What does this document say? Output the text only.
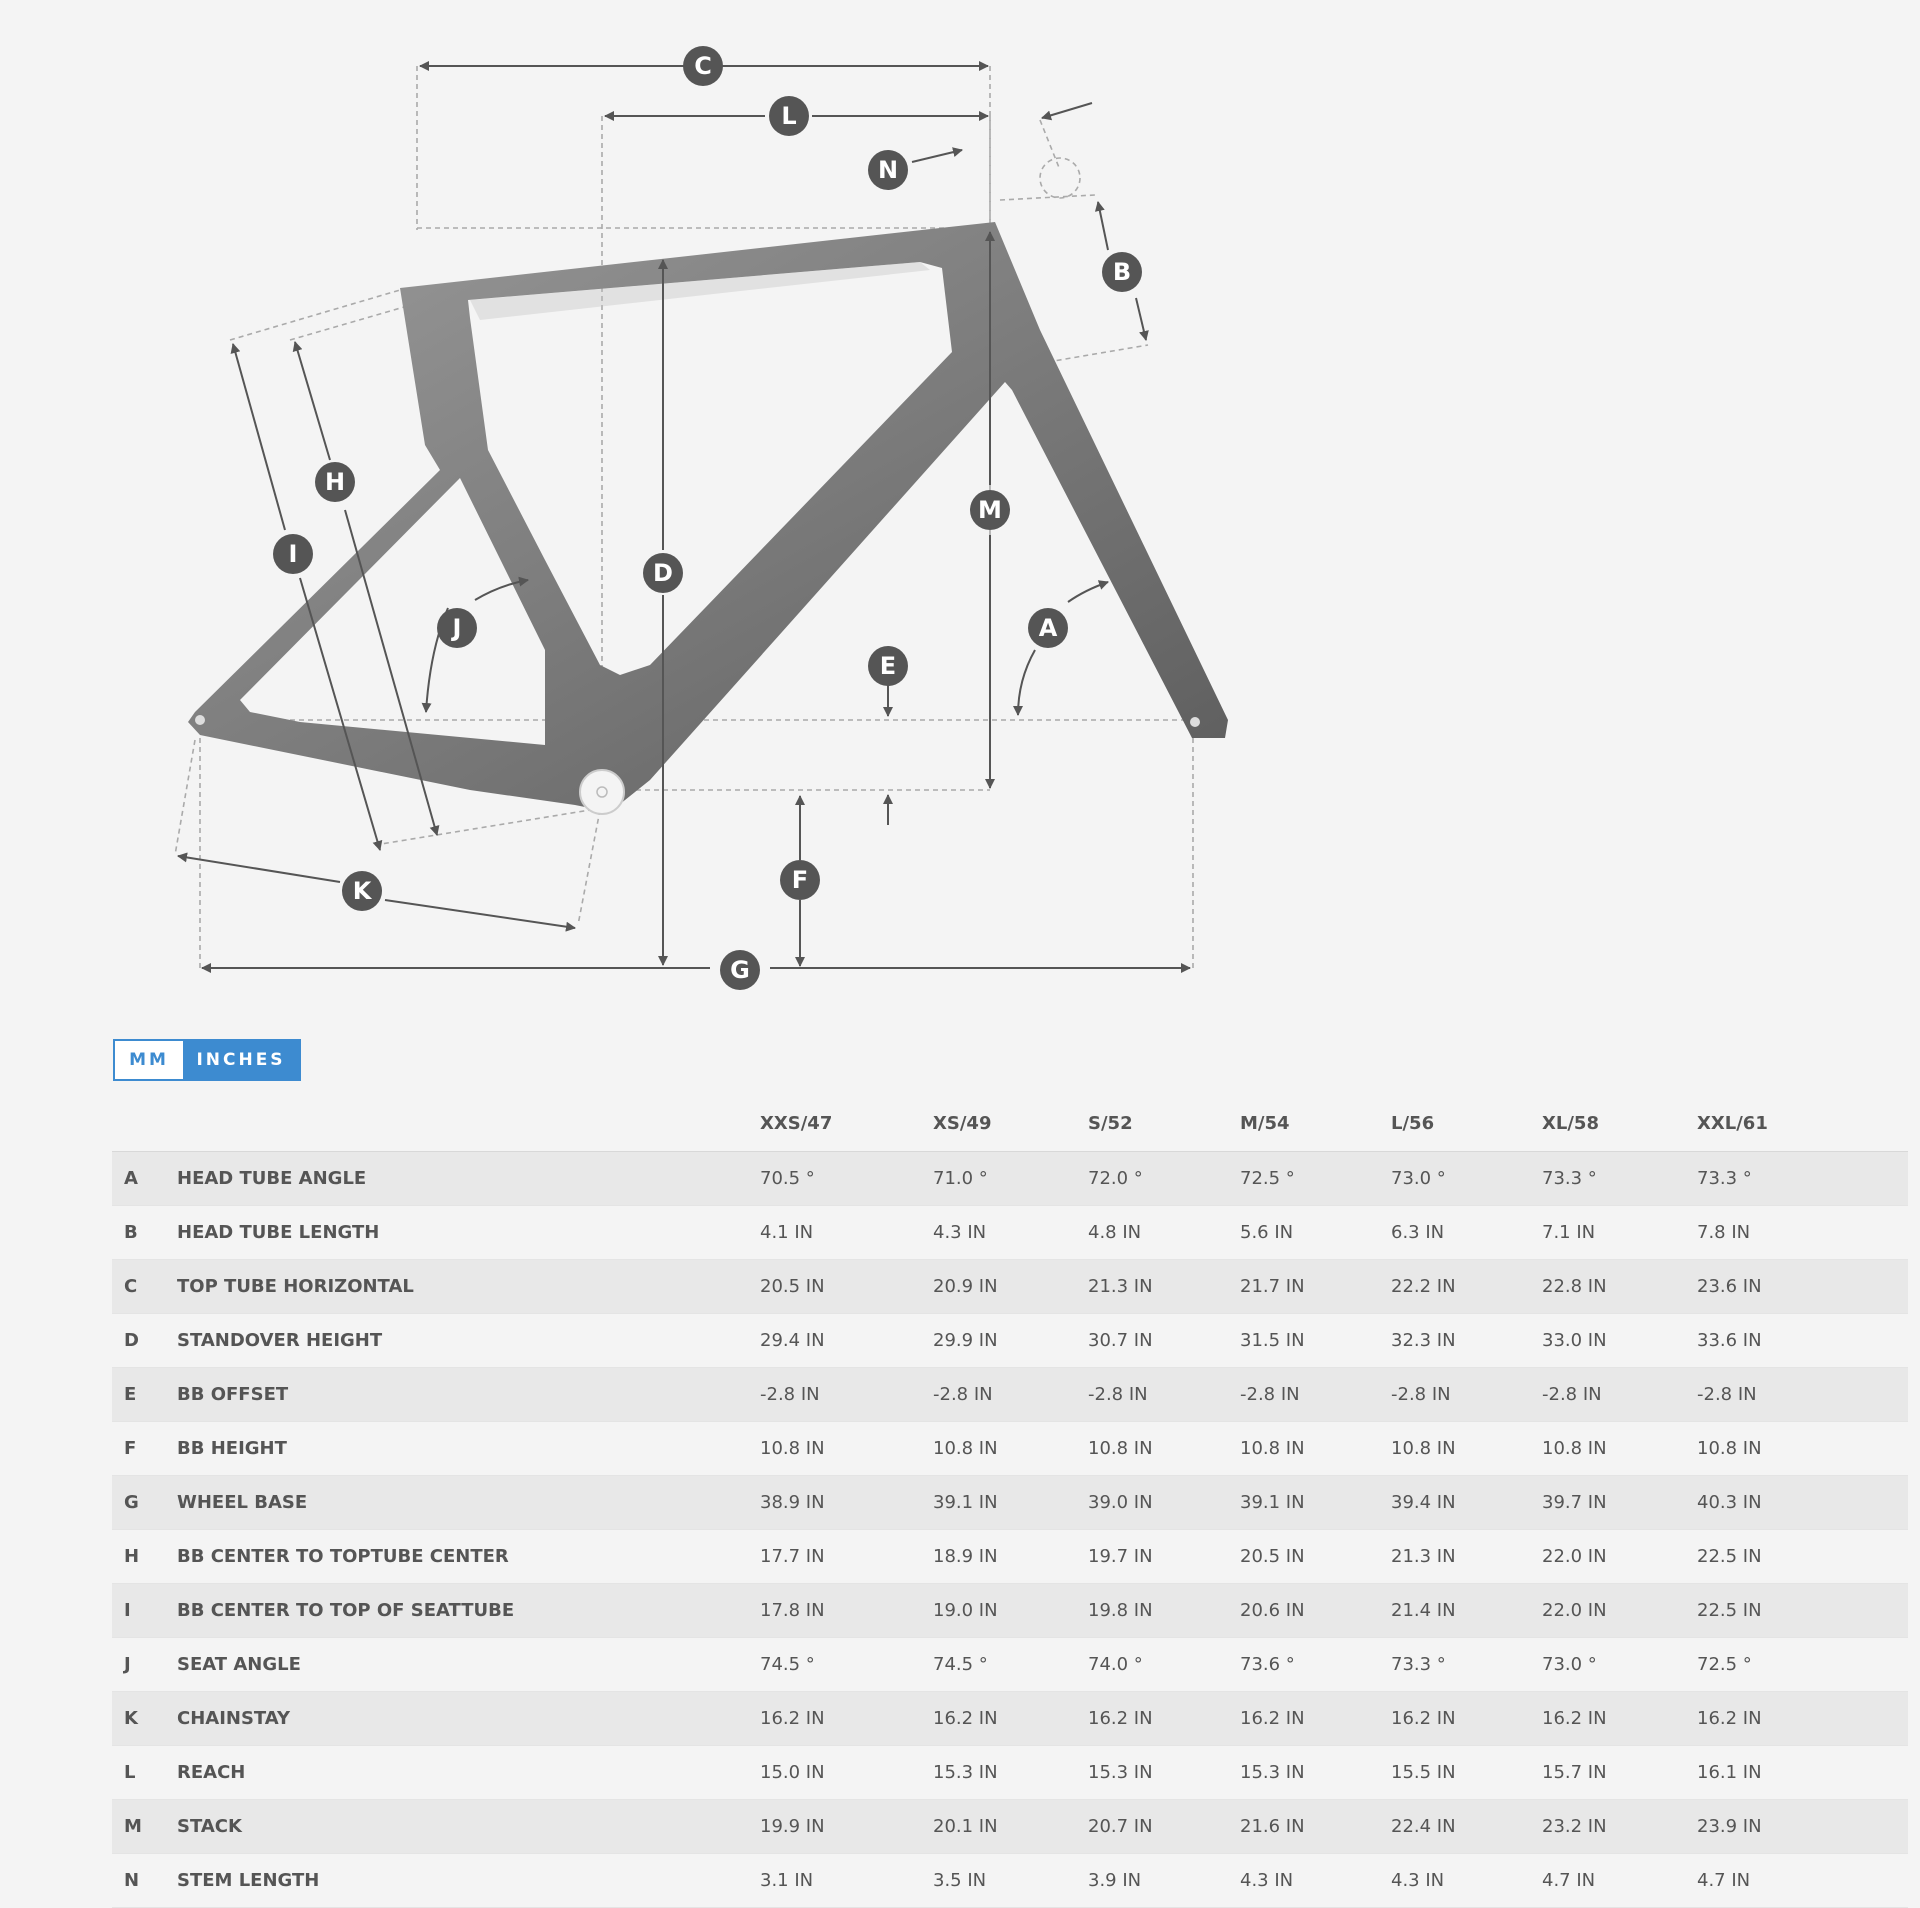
C
L
N
B
H
I
D
M
J	A
E
F
K
G
MM	INCHES
		XXS/47	XS/49	S/52	M/54	L/56	XL/58	XXL/61
A	HEAD TUBE ANGLE	70.5 °	71.0 °	72.0 °	72.5 °	73.0 °	73.3 °	73.3 °
B	HEAD TUBE LENGTH	4.1 IN	4.3 IN	4.8 IN	5.6 IN	6.3 IN	7.1 IN	7.8 IN
C	TOP TUBE HORIZONTAL	20.5 IN	20.9 IN	21.3 IN	21.7 IN	22.2 IN	22.8 IN	23.6 IN
D	STANDOVER HEIGHT	29.4 IN	29.9 IN	30.7 IN	31.5 IN	32.3 IN	33.0 IN	33.6 IN
E	BB OFFSET	-2.8 IN	-2.8 IN	-2.8 IN	-2.8 IN	-2.8 IN	-2.8 IN	-2.8 IN
F	BB HEIGHT	10.8 IN	10.8 IN	10.8 IN	10.8 IN	10.8 IN	10.8 IN	10.8 IN
G	WHEEL BASE	38.9 IN	39.1 IN	39.0 IN	39.1 IN	39.4 IN	39.7 IN	40.3 IN
H	BB CENTER TO TOPTUBE CENTER	17.7 IN	18.9 IN	19.7 IN	20.5 IN	21.3 IN	22.0 IN	22.5 IN
I	BB CENTER TO TOP OF SEATTUBE	17.8 IN	19.0 IN	19.8 IN	20.6 IN	21.4 IN	22.0 IN	22.5 IN
J	SEAT ANGLE	74.5 °	74.5 °	74.0 °	73.6 °	73.3 °	73.0 °	72.5 °
K	CHAINSTAY	16.2 IN	16.2 IN	16.2 IN	16.2 IN	16.2 IN	16.2 IN	16.2 IN
L	REACH	15.0 IN	15.3 IN	15.3 IN	15.3 IN	15.5 IN	15.7 IN	16.1 IN
M	STACK	19.9 IN	20.1 IN	20.7 IN	21.6 IN	22.4 IN	23.2 IN	23.9 IN
N	STEM LENGTH	3.1 IN	3.5 IN	3.9 IN	4.3 IN	4.3 IN	4.7 IN	4.7 IN
